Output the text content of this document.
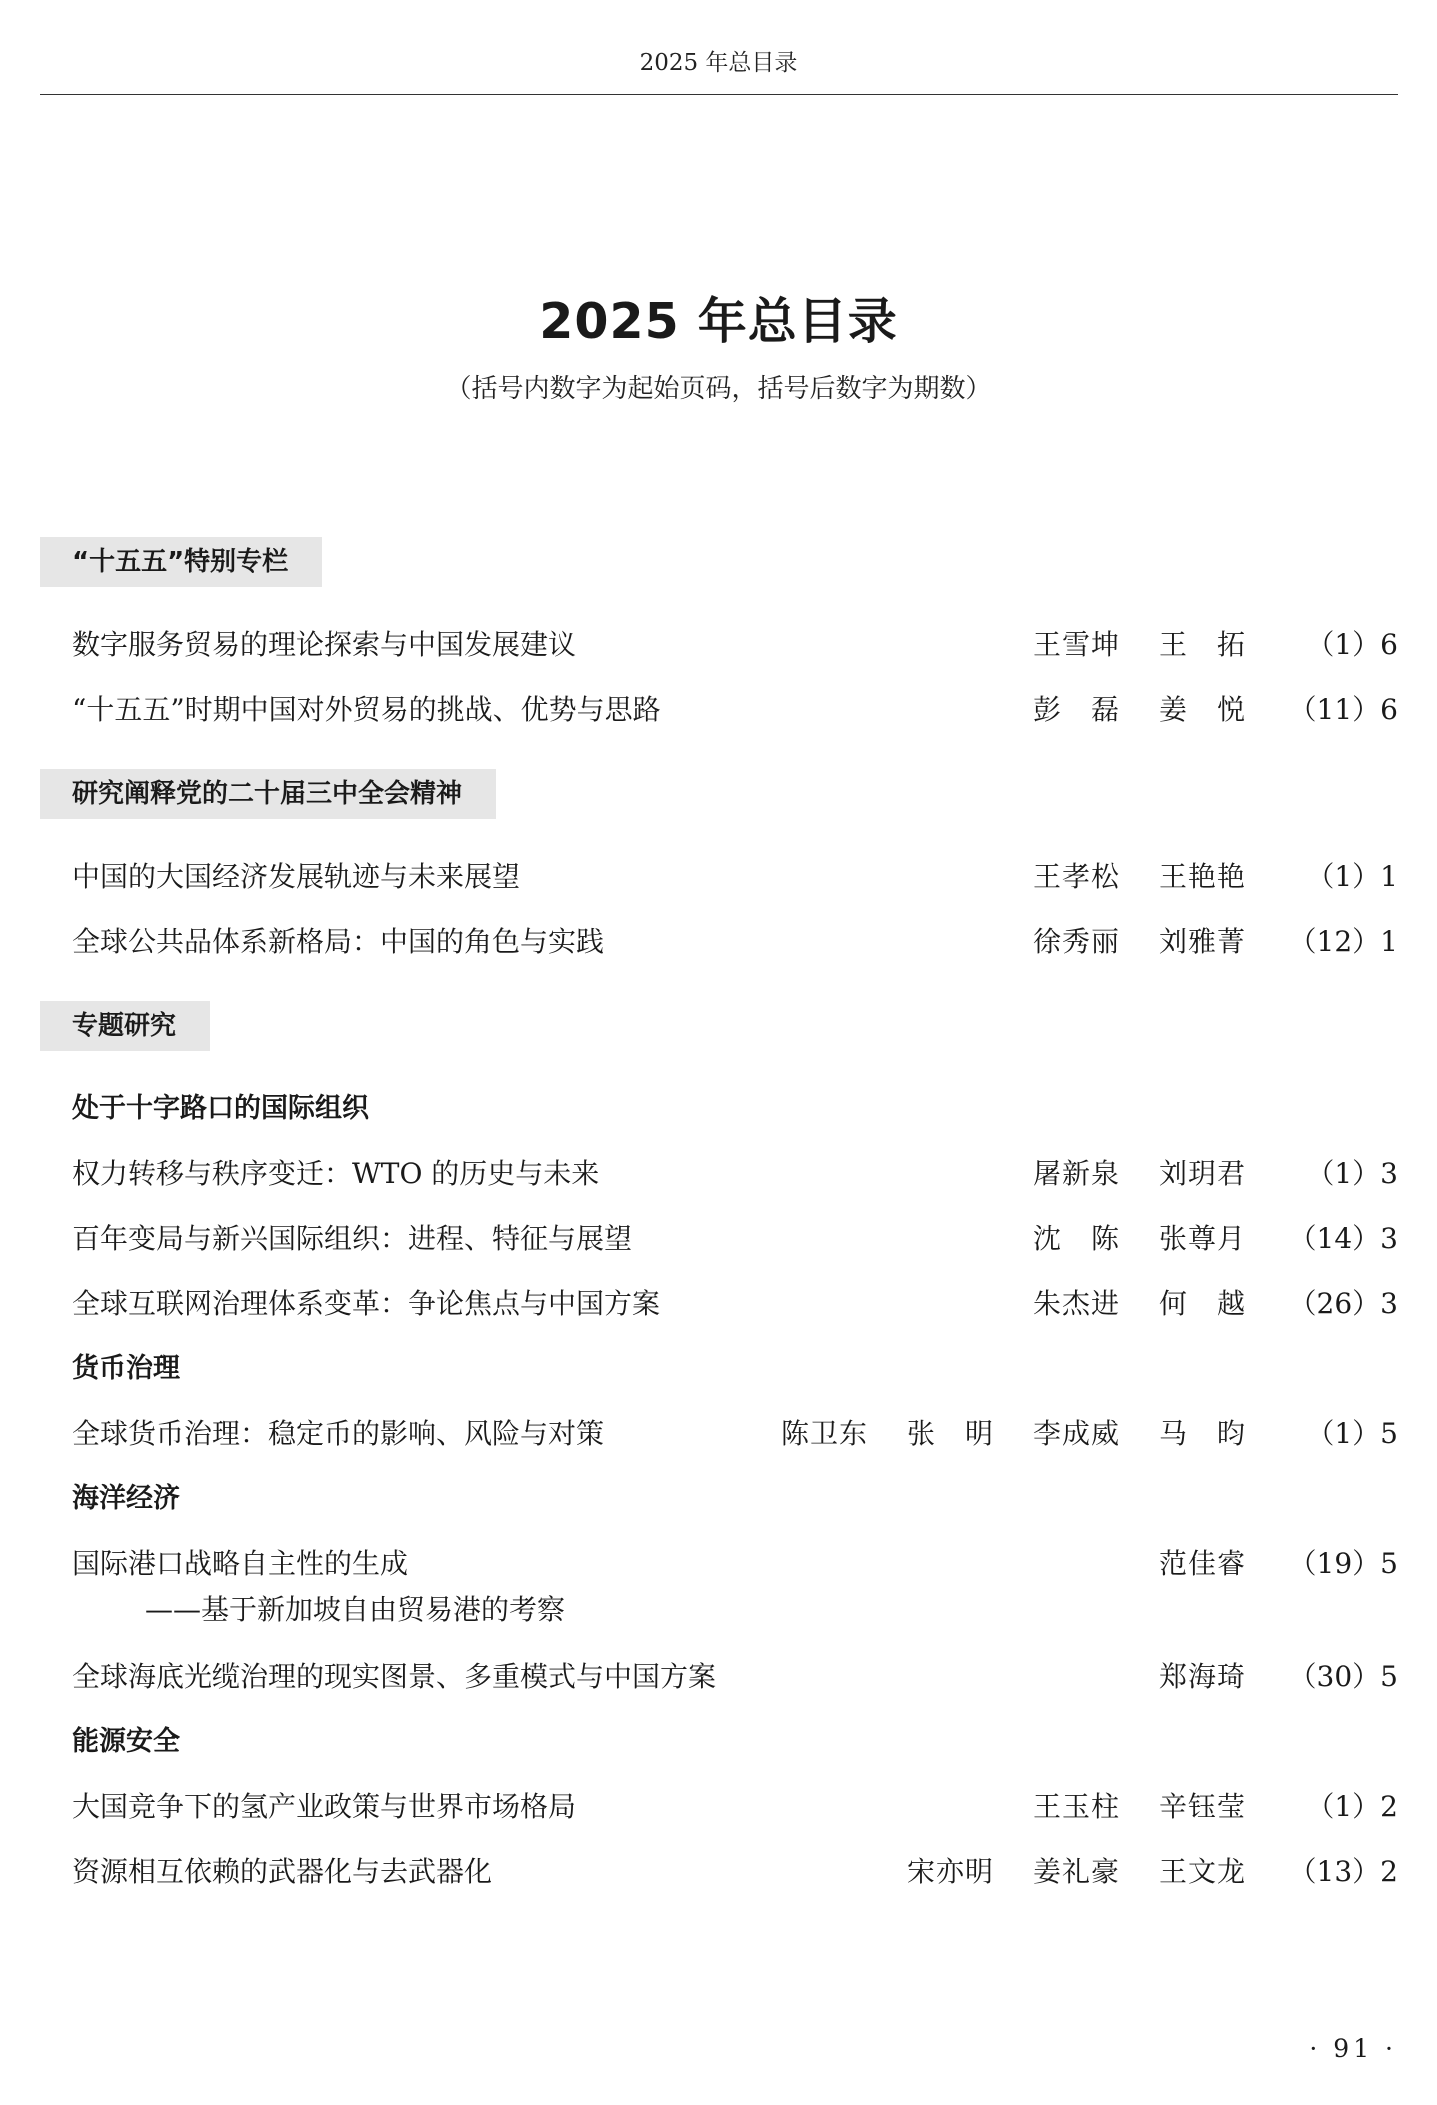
2025 年总目录
2025 年总目录
（括号内数字为起始页码，括号后数字为期数）
“十五五”特别专栏
数字服务贸易的理论探索与中国发展建议	王雪坤	王　拓	（1）6
“十五五”时期中国对外贸易的挑战、优势与思路	彭　磊	姜　悦	（11）6
研究阐释党的二十届三中全会精神
中国的大国经济发展轨迹与未来展望	王孝松	王艳艳	（1）1
全球公共品体系新格局：中国的角色与实践	徐秀丽	刘雅菁	（12）1
专题研究
处于十字路口的国际组织
权力转移与秩序变迁：WTO 的历史与未来	屠新泉	刘玥君	（1）3
百年变局与新兴国际组织：进程、特征与展望	沈　陈	张尊月	（14）3
全球互联网治理体系变革：争论焦点与中国方案	朱杰进	何　越	（26）3
货币治理
全球货币治理：稳定币的影响、风险与对策	陈卫东	张　明	李成威	马　昀	（1）5
海洋经济
国际港口战略自主性的生成
——基于新加坡自由贸易港的考察
范佳睿	（19）5
全球海底光缆治理的现实图景、多重模式与中国方案	郑海琦	（30）5
能源安全
大国竞争下的氢产业政策与世界市场格局	王玉柱	辛钰莹	（1）2
资源相互依赖的武器化与去武器化	宋亦明	姜礼豪	王文龙	（13）2
· 91 ·
